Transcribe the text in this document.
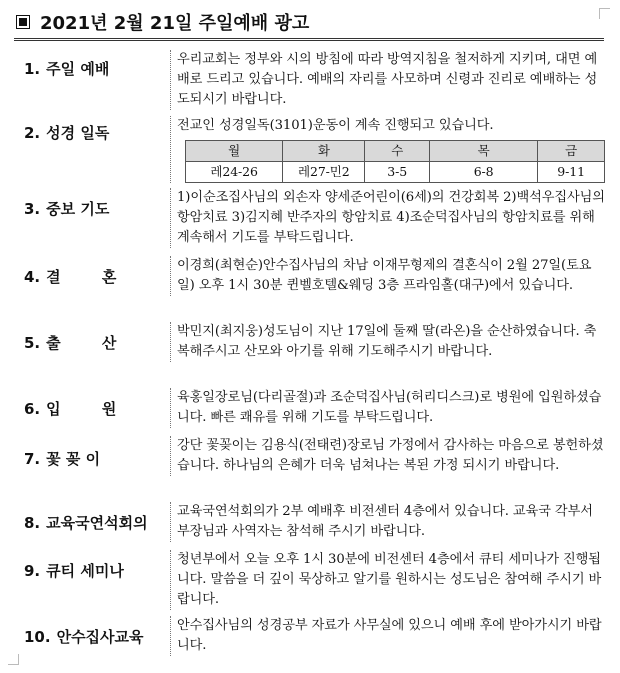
2021년 2월 21일 주일예배 광고
1. 주일 예배
우리교회는 정부와 시의 방침에 따라 방역지침을 철저하게 지키며, 대면 예배로 드리고 있습니다. 예배의 자리를 사모하며 신령과 진리로 예배하는 성도되시기 바랍니다.
2. 성경 일독	전교인 성경일독(3101)운동이 계속 진행되고 있습니다.
월	화	수	목	금
레24-26	레27-민2	3-5	6-8	9-11
3. 중보 기도
1)이순조집사님의 외손자 양세준어린이(6세)의 건강회복 2)백석우집사님의 항암치료 3)김지혜 반주자의 항암치료 4)조순덕집사님의 항암치료를 위해 계속해서 기도를 부탁드립니다.
4. 결 혼
이경희(최현순)안수집사님의 차남 이재무형제의 결혼식이 2월 27일(토요일) 오후 1시 30분 퀸벨호텔&웨딩 3층 프라임홀(대구)에서 있습니다.
5. 출 산
박민지(최지웅)성도님이 지난 17일에 둘째 딸(라온)을 순산하였습니다. 축복해주시고 산모와 아기를 위해 기도해주시기 바랍니다.
6. 입 원
육홍일장로님(다리골절)과 조순덕집사님(허리디스크)로 병원에 입원하셨습니다. 빠른 쾌유를 위해 기도를 부탁드립니다.
7. 꽃 꽂 이
강단 꽃꽂이는 김용식(전태련)장로님 가정에서 감사하는 마음으로 봉헌하셨습니다. 하나님의 은혜가 더욱 넘쳐나는 복된 가정 되시기 바랍니다.
8. 교육국연석회의
교육국연석회의가 2부 예배후 비전센터 4층에서 있습니다. 교육국 각부서 부장님과 사역자는 참석해 주시기 바랍니다.
9. 큐티 세미나
청년부에서 오늘 오후 1시 30분에 비전센터 4층에서 큐티 세미나가 진행됩니다. 말씀을 더 깊이 묵상하고 알기를 원하시는 성도님은 참여해 주시기 바랍니다.
10. 안수집사교육
안수집사님의 성경공부 자료가 사무실에 있으니 예배 후에 받아가시기 바랍니다.
